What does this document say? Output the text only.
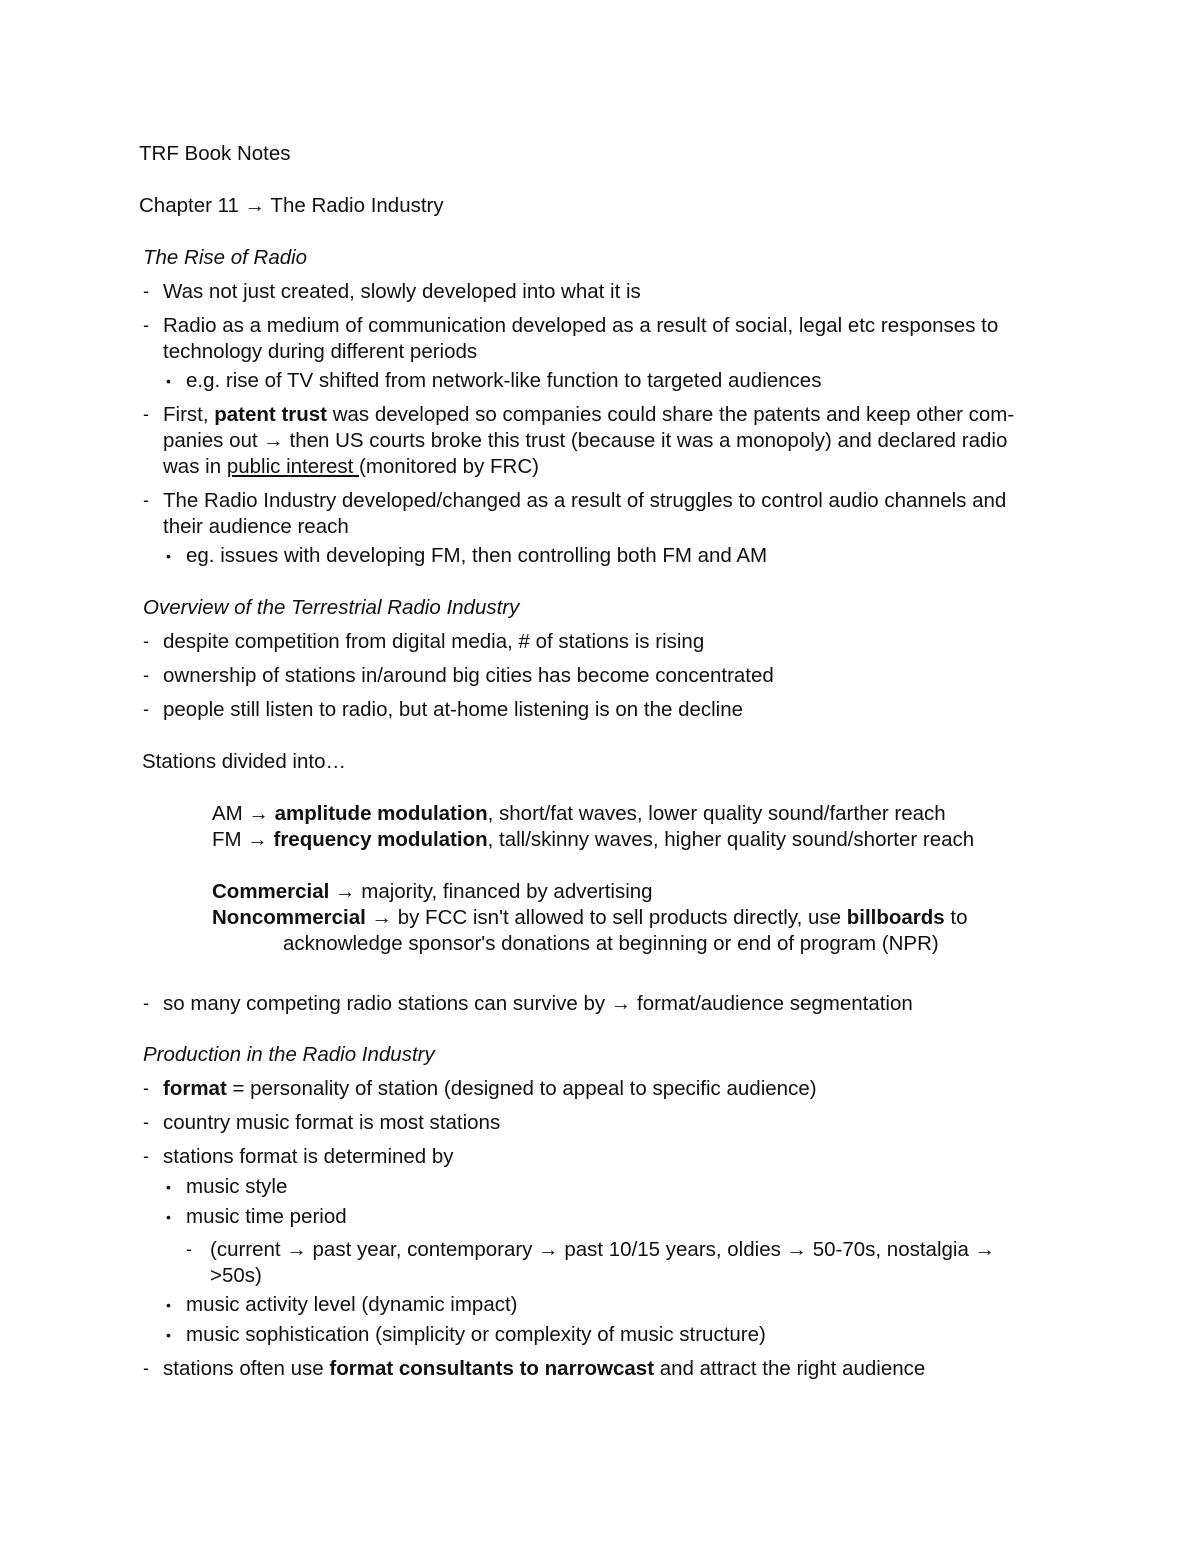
TRF Book Notes
Chapter 11 → The Radio Industry
The Rise of Radio
- Was not just created, slowly developed into what it is
- Radio as a medium of communication developed as a result of social, legal etc responses to
technology during different periods
• e.g. rise of TV shifted from network-like function to targeted audiences
- First, patent trust was developed so companies could share the patents and keep other com-
panies out → then US courts broke this trust (because it was a monopoly) and declared radio
was in public interest (monitored by FRC)
- The Radio Industry developed/changed as a result of struggles to control audio channels and
their audience reach
• eg. issues with developing FM, then controlling both FM and AM
Overview of the Terrestrial Radio Industry
- despite competition from digital media, # of stations is rising
- ownership of stations in/around big cities has become concentrated
- people still listen to radio, but at-home listening is on the decline
Stations divided into…
AM → amplitude modulation, short/fat waves, lower quality sound/farther reach
FM → frequency modulation, tall/skinny waves, higher quality sound/shorter reach
Commercial → majority, financed by advertising
Noncommercial → by FCC isn't allowed to sell products directly, use billboards to
acknowledge sponsor's donations at beginning or end of program (NPR)
- so many competing radio stations can survive by → format/audience segmentation
Production in the Radio Industry
- format = personality of station (designed to appeal to specific audience)
- country music format is most stations
- stations format is determined by
• music style
• music time period
- (current → past year, contemporary → past 10/15 years, oldies → 50-70s, nostalgia →
>50s)
• music activity level (dynamic impact)
• music sophistication (simplicity or complexity of music structure)
- stations often use format consultants to narrowcast and attract the right audience
